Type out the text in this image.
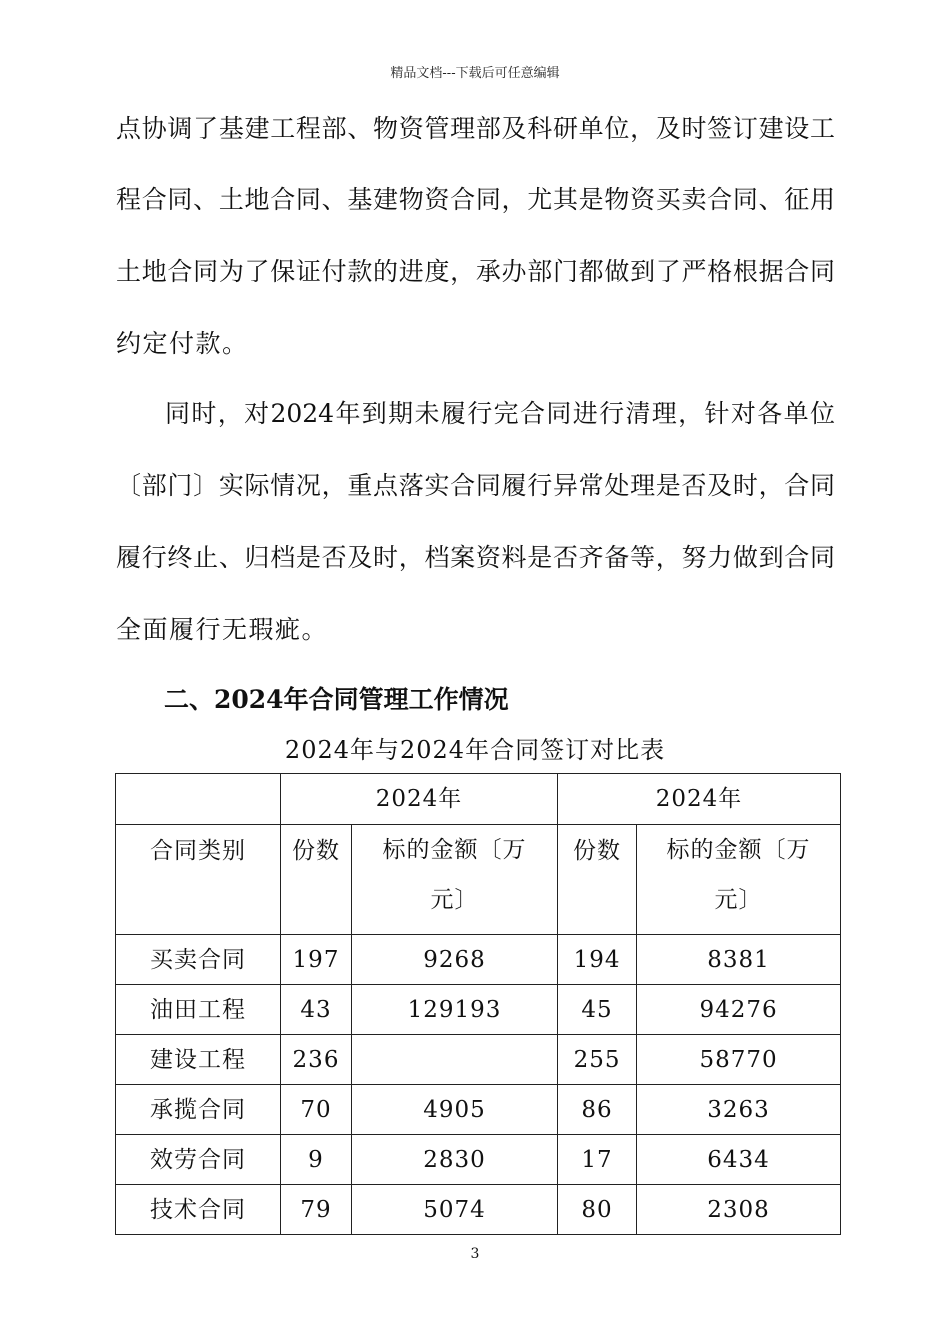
精品文档---下载后可任意编辑
点协调了基建工程部、物资管理部及科研单位，及时签订建设工
程合同、土地合同、基建物资合同，尤其是物资买卖合同、征用
土地合同为了保证付款的进度，承办部门都做到了严格根据合同
约定付款。
同时，对2024年到期未履行完合同进行清理，针对各单位
〔部门〕实际情况，重点落实合同履行异常处理是否及时，合同
履行终止、归档是否及时，档案资料是否齐备等，努力做到合同
全面履行无瑕疵。
二、2024年合同管理工作情况
2024年与2024年合同签订对比表
	2024年		2024年	
合同类别	份数	标的金额〔万元〕	份数	标的金额〔万元〕
买卖合同	197	9268	194	8381
油田工程	43	129193	45	94276
建设工程	236		255	58770
承揽合同	70	4905	86	3263
效劳合同	9	2830	17	6434
技术合同	79	5074	80	2308
3
